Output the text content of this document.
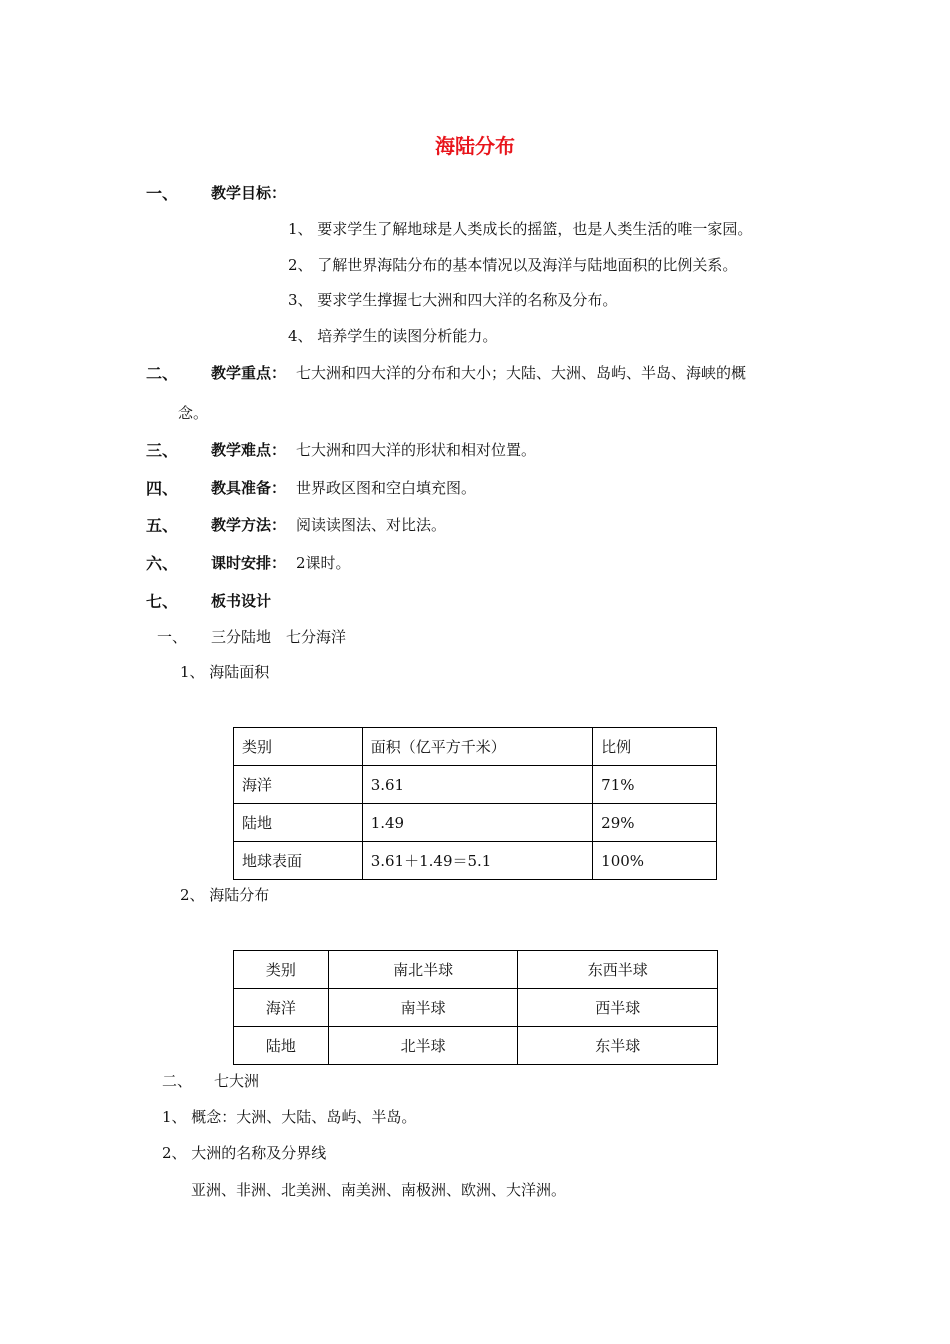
海陆分布
一、 教学目标：
1、 要求学生了解地球是人类成长的摇篮，也是人类生活的唯一家园。
2、 了解世界海陆分布的基本情况以及海洋与陆地面积的比例关系。
3、 要求学生撑握七大洲和四大洋的名称及分布。
4、 培养学生的读图分析能力。
二、 教学重点： 七大洲和四大洋的分布和大小；大陆、大洲、岛屿、半岛、海峡的概
念。
三、 教学难点： 七大洲和四大洋的形状和相对位置。
四、 教具准备： 世界政区图和空白填充图。
五、 教学方法： 阅读读图法、对比法。
六、 课时安排： 2课时。
七、 板书设计
一、 三分陆地　七分海洋
1、 海陆面积
类别	面积（亿平方千米）	比例
海洋	3.61	71%
陆地	1.49	29%
地球表面	3.61＋1.49＝5.1	100%
2、 海陆分布
类别	南北半球	东西半球
海洋	南半球	西半球
陆地	北半球	东半球
二、 七大洲
1、 概念：大洲、大陆、岛屿、半岛。
2、 大洲的名称及分界线
亚洲、非洲、北美洲、南美洲、南极洲、欧洲、大洋洲。
